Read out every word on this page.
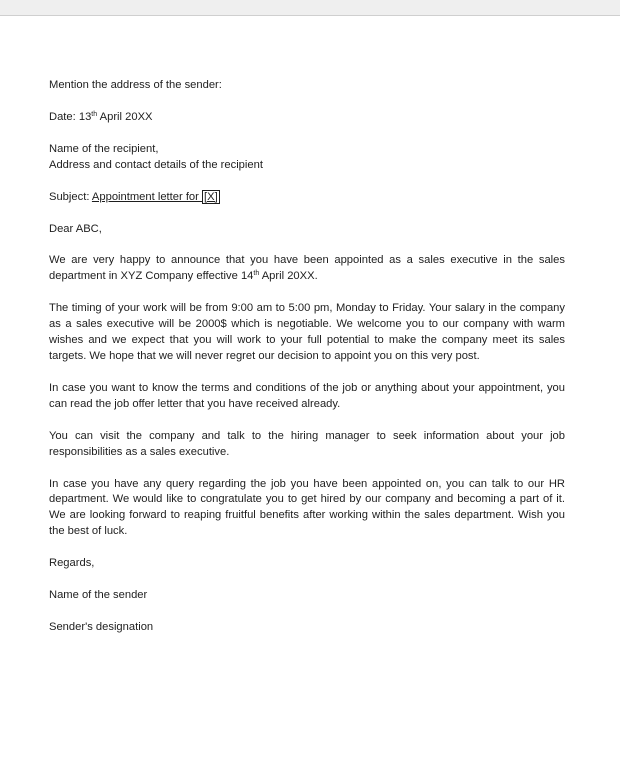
Mention the address of the sender:

Date: 13th April 20XX

Name of the recipient,
Address and contact details of the recipient

Subject: Appointment letter for [X]

Dear ABC,

We are very happy to announce that you have been appointed as a sales executive in the sales department in XYZ Company effective 14th April 20XX.

The timing of your work will be from 9:00 am to 5:00 pm, Monday to Friday. Your salary in the company as a sales executive will be 2000$ which is negotiable. We welcome you to our company with warm wishes and we expect that you will work to your full potential to make the company meet its sales targets. We hope that we will never regret our decision to appoint you on this very post.

In case you want to know the terms and conditions of the job or anything about your appointment, you can read the job offer letter that you have received already.

You can visit the company and talk to the hiring manager to seek information about your job responsibilities as a sales executive.

In case you have any query regarding the job you have been appointed on, you can talk to our HR department. We would like to congratulate you to get hired by our company and becoming a part of it. We are looking forward to reaping fruitful benefits after working within the sales department. Wish you the best of luck.

Regards,

Name of the sender

Sender's designation
